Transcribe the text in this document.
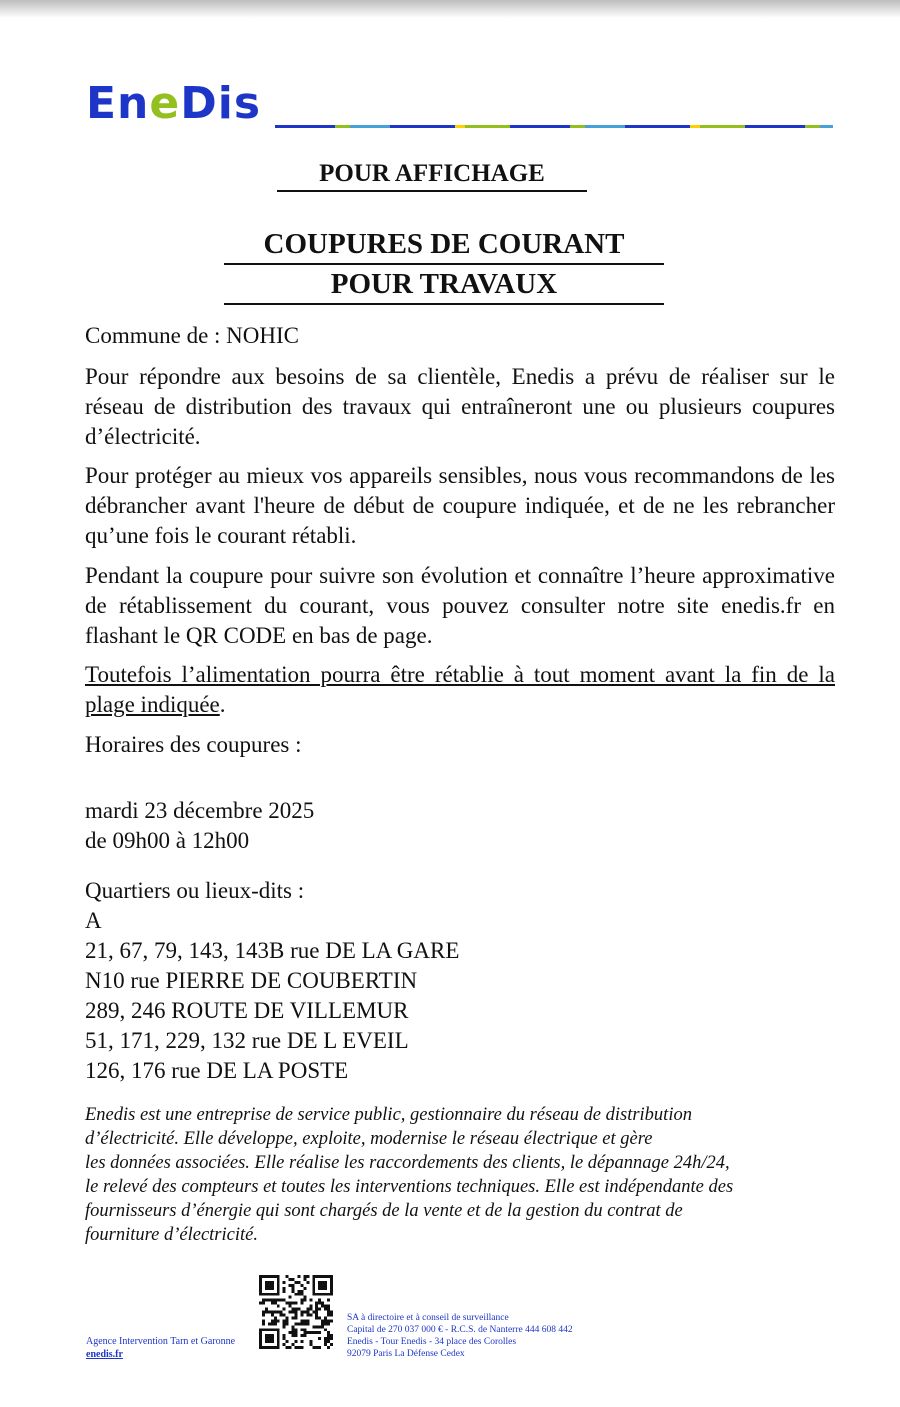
EneDis
POUR AFFICHAGE
COUPURES DE COURANT
POUR TRAVAUX

Commune de : NOHIC

Pour répondre aux besoins de sa clientèle, Enedis a prévu de réaliser sur le réseau de distribution des travaux qui entraîneront une ou plusieurs coupures d’électricité.

Pour protéger au mieux vos appareils sensibles, nous vous recommandons de les débrancher avant l'heure de début de coupure indiquée, et de ne les rebrancher qu’une fois le courant rétabli.

Pendant la coupure pour suivre son évolution et connaître l’heure approximative de rétablissement du courant, vous pouvez consulter notre site enedis.fr en flashant le QR CODE en bas de page.

Toutefois l’alimentation pourra être rétablie à tout moment avant la fin de la plage indiquée.

Horaires des coupures :

mardi 23 décembre 2025

de 09h00 à 12h00

Quartiers ou lieux-dits :

A

21, 67, 79, 143, 143B rue DE LA GARE

N10 rue PIERRE DE COUBERTIN

289, 246 ROUTE DE VILLEMUR

51, 171, 229, 132 rue DE L EVEIL

126, 176 rue DE LA POSTE

Enedis est une entreprise de service public, gestionnaire du réseau de distribution
d’électricité. Elle développe, exploite, modernise le réseau électrique et gère
les données associées. Elle réalise les raccordements des clients, le dépannage 24h/24,
le relevé des compteurs et toutes les interventions techniques. Elle est indépendante des
fournisseurs d’énergie qui sont chargés de la vente et de la gestion du contrat de
fourniture d’électricité.
Agence Intervention Tarn et Garonne
enedis.fr
SA à directoire et à conseil de surveillance
Capital de 270 037 000 € - R.C.S. de Nanterre 444 608 442
Enedis - Tour Enedis - 34 place des Corolles
92079 Paris La Défense Cedex
